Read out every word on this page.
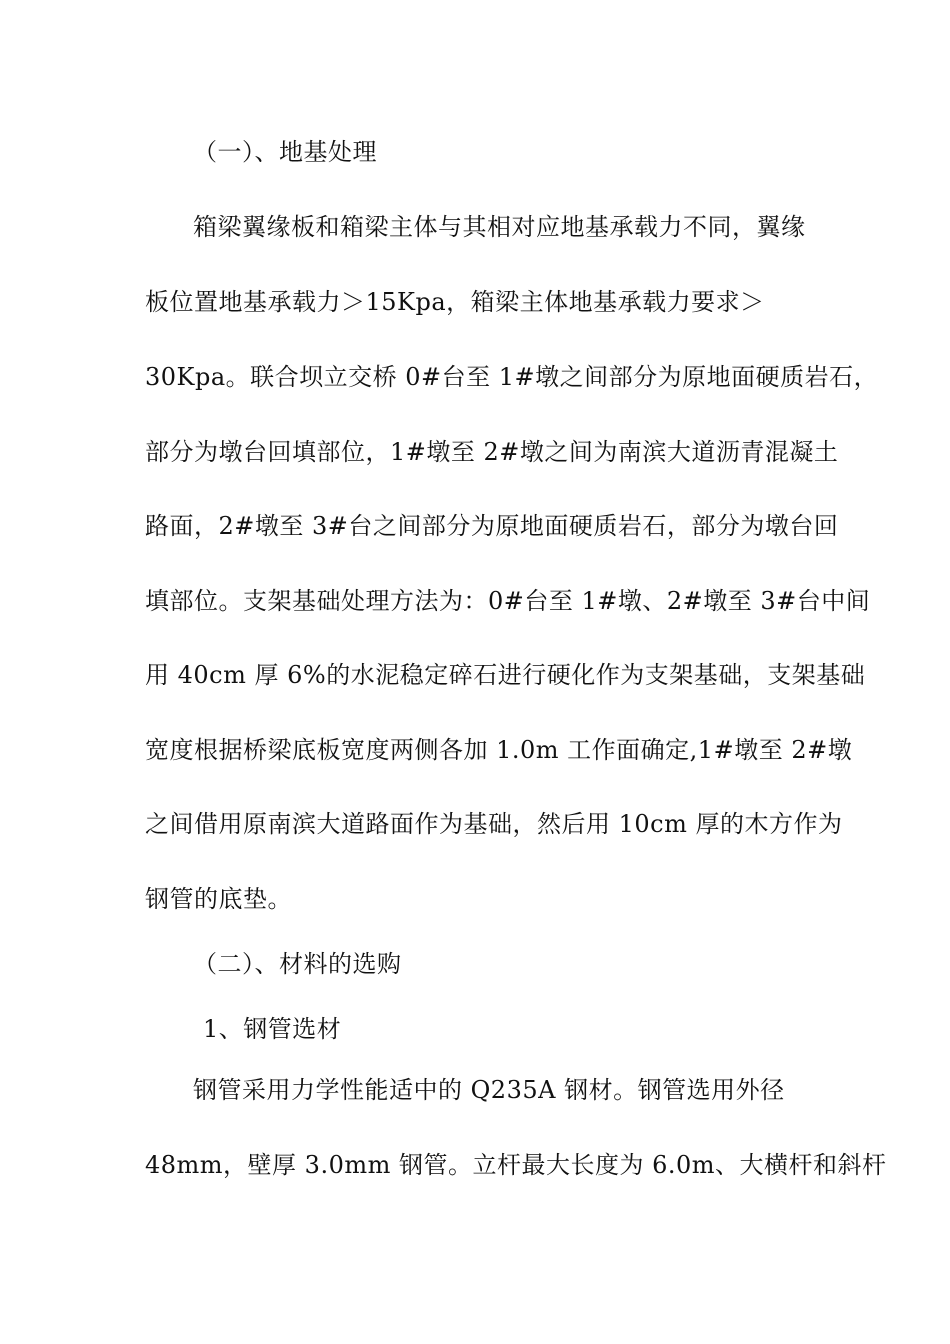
（一）、地基处理
箱梁翼缘板和箱梁主体与其相对应地基承载力不同，翼缘
板位置地基承载力＞15Kpa，箱梁主体地基承载力要求＞
30Kpa。联合坝立交桥 0#台至 1#墩之间部分为原地面硬质岩石，
部分为墩台回填部位，1#墩至 2#墩之间为南滨大道沥青混凝土
路面，2#墩至 3#台之间部分为原地面硬质岩石，部分为墩台回
填部位。支架基础处理方法为：0#台至 1#墩、2#墩至 3#台中间
用 40cm 厚 6%的水泥稳定碎石进行硬化作为支架基础，支架基础
宽度根据桥梁底板宽度两侧各加 1.0m 工作面确定,1#墩至 2#墩
之间借用原南滨大道路面作为基础，然后用 10cm 厚的木方作为
钢管的底垫。
（二）、材料的选购
1、钢管选材
钢管采用力学性能适中的 Q235A 钢材。钢管选用外径
48mm，壁厚 3.0mm 钢管。立杆最大长度为 6.0m、大横杆和斜杆
